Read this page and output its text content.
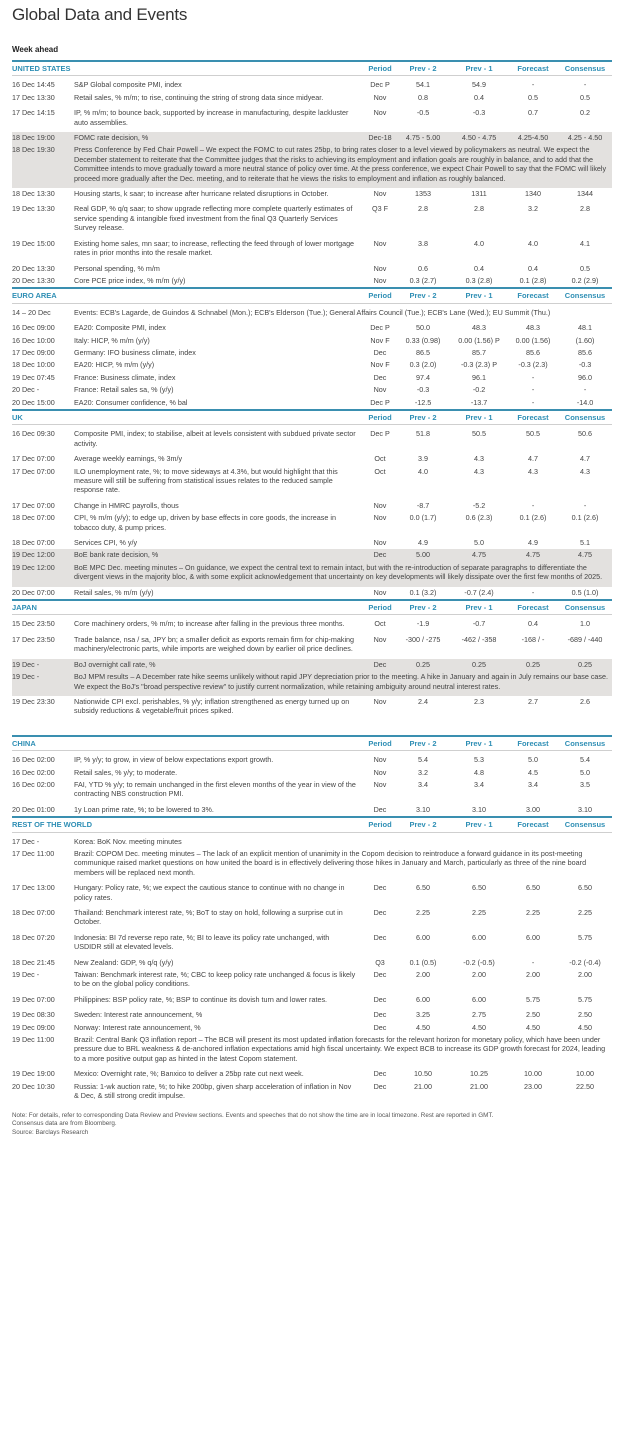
Global Data and Events
Week ahead
UNITED STATES		Period	Prev - 2	Prev - 1	Forecast	Consensus

16 Dec 14:45	S&P Global composite PMI, index	Dec P	54.1	54.9	-	-
17 Dec 13:30	Retail sales, % m/m; to rise, continuing the string of strong data since midyear.	Nov	0.8	0.4	0.5	0.5

17 Dec 14:15	IP, % m/m; to bounce back, supported by increase in manufacturing, despite lackluster auto assemblies.	Nov	-0.5	-0.3	0.7	0.2

18 Dec 19:00	FOMC rate decision, %	Dec-18	4.75 - 5.00	4.50 - 4.75	4.25-4.50	4.25 - 4.50
18 Dec 19:30	Press Conference by Fed Chair Powell – We expect the FOMC to cut rates 25bp, to bring rates closer to a level viewed by policymakers as neutral. We expect the December statement to reiterate that the Committee judges that the risks to achieving its employment and inflation goals are roughly in balance, and to add that the Committee intends to move gradually toward a more neutral stance of policy over time. At the press conference, we expect Chair Powell to say that the FOMC will likely proceed more gradually after the Dec. meeting, and to reiterate that he views the risks to employment and inflation as roughly balanced.					

18 Dec 13:30	Housing starts, k saar; to increase after hurricane related disruptions in October.	Nov	1353	1311	1340	1344

19 Dec 13:30	Real GDP, % q/q saar; to show upgrade reflecting more complete quarterly estimates of service spending & intangible fixed investment from the final Q3 Quarterly Services Survey release.	Q3 F	2.8	2.8	3.2	2.8

19 Dec 15:00	Existing home sales, mn saar; to increase, reflecting the feed through of lower mortgage rates in prior months into the resale market.	Nov	3.8	4.0	4.0	4.1

20 Dec 13:30	Personal spending, % m/m	Nov	0.6	0.4	0.4	0.5
20 Dec 13:30	Core PCE price index, % m/m (y/y)	Nov	0.3 (2.7)	0.3 (2.8)	0.1 (2.8)	0.2 (2.9)
EURO AREA		Period	Prev - 2	Prev - 1	Forecast	Consensus

14 – 20 Dec	Events: ECB's Lagarde, de Guindos & Schnabel (Mon.); ECB's Elderson (Tue.); General Affairs Council (Tue.); ECB's Lane (Wed.); EU Summit (Thu.)					

16 Dec 09:00	EA20: Composite PMI, index	Dec P	50.0	48.3	48.3	48.1
16 Dec 10:00	Italy: HICP, % m/m (y/y)	Nov F	0.33 (0.98)	0.00 (1.56) P	0.00 (1.56)	(1.60)
17 Dec 09:00	Germany: IFO business climate, index	Dec	86.5	85.7	85.6	85.6
18 Dec 10:00	EA20: HICP, % m/m (y/y)	Nov F	0.3 (2.0)	-0.3 (2.3) P	-0.3 (2.3)	-0.3
19 Dec 07:45	France: Business climate, index	Dec	97.4	96.1	-	96.0
20 Dec -	France: Retail sales sa, % (y/y)	Nov	-0.3	-0.2	-	-
20 Dec 15:00	EA20: Consumer confidence, % bal	Dec P	-12.5	-13.7	-	-14.0
UK		Period	Prev - 2	Prev - 1	Forecast	Consensus

16 Dec 09:30	Composite PMI, index; to stabilise, albeit at levels consistent with subdued private sector activity.	Dec P	51.8	50.5	50.5	50.6

17 Dec 07:00	Average weekly earnings, % 3m/y	Oct	3.9	4.3	4.7	4.7
17 Dec 07:00	ILO unemployment rate, %; to move sideways at 4.3%, but would highlight that this measure will still be suffering from statistical issues relates to the reduced sample response rate.	Oct	4.0	4.3	4.3	4.3

17 Dec 07:00	Change in HMRC payrolls, thous	Nov	-8.7	-5.2	-	-
18 Dec 07:00	CPI, % m/m (y/y); to edge up, driven by base effects in core goods, the increase in tobacco duty, & pump prices.	Nov	0.0 (1.7)	0.6 (2.3)	0.1 (2.6)	0.1 (2.6)

18 Dec 07:00	Services CPI, % y/y	Nov	4.9	5.0	4.9	5.1
19 Dec 12:00	BoE bank rate decision, %	Dec	5.00	4.75	4.75	4.75
19 Dec 12:00	BoE MPC Dec. meeting minutes – On guidance, we expect the central text to remain intact, but with the re-introduction of separate paragraphs to differentiate the divergent views in the majority bloc, & with some explicit acknowledgement that uncertainty on key developments will likely dissipate over the first few months of 2025.					

20 Dec 07:00	Retail sales, % m/m (y/y)	Nov	0.1 (3.2)	-0.7 (2.4)	-	0.5 (1.0)
JAPAN		Period	Prev - 2	Prev - 1	Forecast	Consensus

15 Dec 23:50	Core machinery orders, % m/m; to increase after falling in the previous three months.	Oct	-1.9	-0.7	0.4	1.0

17 Dec 23:50	Trade balance, nsa / sa, JPY bn; a smaller deficit as exports remain firm for chip-making machinery/electronic parts, while imports are weighed down by earlier oil price declines.	Nov	-300 / -275	-462 / -358	-168 / -	-689 / -440

19 Dec -	BoJ overnight call rate, %	Dec	0.25	0.25	0.25	0.25
19 Dec -	BoJ MPM results – A December rate hike seems unlikely without rapid JPY depreciation prior to the meeting. A hike in January and again in July remains our base case. We expect the BoJ's "broad perspective review" to justify current normalization, while retaining ambiguity around neutral interest rates.					

19 Dec 23:30	Nationwide CPI excl. perishables, % y/y; inflation strengthened as energy turned up on subsidy reductions & vegetable/fruit prices spiked.	Nov	2.4	2.3	2.7	2.6

CHINA		Period	Prev - 2	Prev - 1	Forecast	Consensus

16 Dec 02:00	IP, % y/y; to grow, in view of below expectations export growth.	Nov	5.4	5.3	5.0	5.4
16 Dec 02:00	Retail sales, % y/y; to moderate.	Nov	3.2	4.8	4.5	5.0
16 Dec 02:00	FAI, YTD % y/y; to remain unchanged in the first eleven months of the year in view of the contracting NBS construction PMI.	Nov	3.4	3.4	3.4	3.5

20 Dec 01:00	1y Loan prime rate, %; to be lowered to 3%.	Dec	3.10	3.10	3.00	3.10
REST OF THE WORLD		Period	Prev - 2	Prev - 1	Forecast	Consensus

17 Dec -	Korea: BoK Nov. meeting minutes					
17 Dec 11:00	Brazil: COPOM Dec. meeting minutes – The lack of an explicit mention of unanimity in the Copom decision to reintroduce a forward guidance in its post-meeting communique raised market questions on how united the board is in effectively delivering those hikes in January and March, particularly as three of the nine board members will be replaced next month.					

17 Dec 13:00	Hungary: Policy rate, %; we expect the cautious stance to continue with no change in policy rates.	Dec	6.50	6.50	6.50	6.50

18 Dec 07:00	Thailand: Benchmark interest rate, %; BoT to stay on hold, following a surprise cut in October.	Dec	2.25	2.25	2.25	2.25

18 Dec 07:20	Indonesia: BI 7d reverse repo rate, %; BI to leave its policy rate unchanged, with USDIDR still at elevated levels.	Dec	6.00	6.00	6.00	5.75

18 Dec 21:45	New Zealand: GDP, % q/q (y/y)	Q3	0.1 (0.5)	-0.2 (-0.5)	-	-0.2 (-0.4)
19 Dec -	Taiwan: Benchmark interest rate, %; CBC to keep policy rate unchanged & focus is likely to be on the global policy conditions.	Dec	2.00	2.00	2.00	2.00

19 Dec 07:00	Philippines: BSP policy rate, %; BSP to continue its dovish turn and lower rates.	Dec	6.00	6.00	5.75	5.75

19 Dec 08:30	Sweden: Interest rate announcement, %	Dec	3.25	2.75	2.50	2.50
19 Dec 09:00	Norway: Interest rate announcement, %	Dec	4.50	4.50	4.50	4.50
19 Dec 11:00	Brazil: Central Bank Q3 inflation report – The BCB will present its most updated inflation forecasts for the relevant horizon for monetary policy, which have been under pressure due to BRL weakness & de-anchored inflation expectations amid high fiscal uncertainty. We expect BCB to increase its GDP growth forecast for 2024, leading to a more positive output gap as hinted in the latest Copom statement.					

19 Dec 19:00	Mexico: Overnight rate, %; Banxico to deliver a 25bp rate cut next week.	Dec	10.50	10.25	10.00	10.00
20 Dec 10:30	Russia: 1-wk auction rate, %; to hike 200bp, given sharp acceleration of inflation in Nov & Dec, & still strong credit impulse.	Dec	21.00	21.00	23.00	22.50

Note: For details, refer to corresponding Data Review and Preview sections. Events and speeches that do not show the time are in local timezone. Rest are reported in GMT.
Consensus data are from Bloomberg.
Source: Barclays Research
